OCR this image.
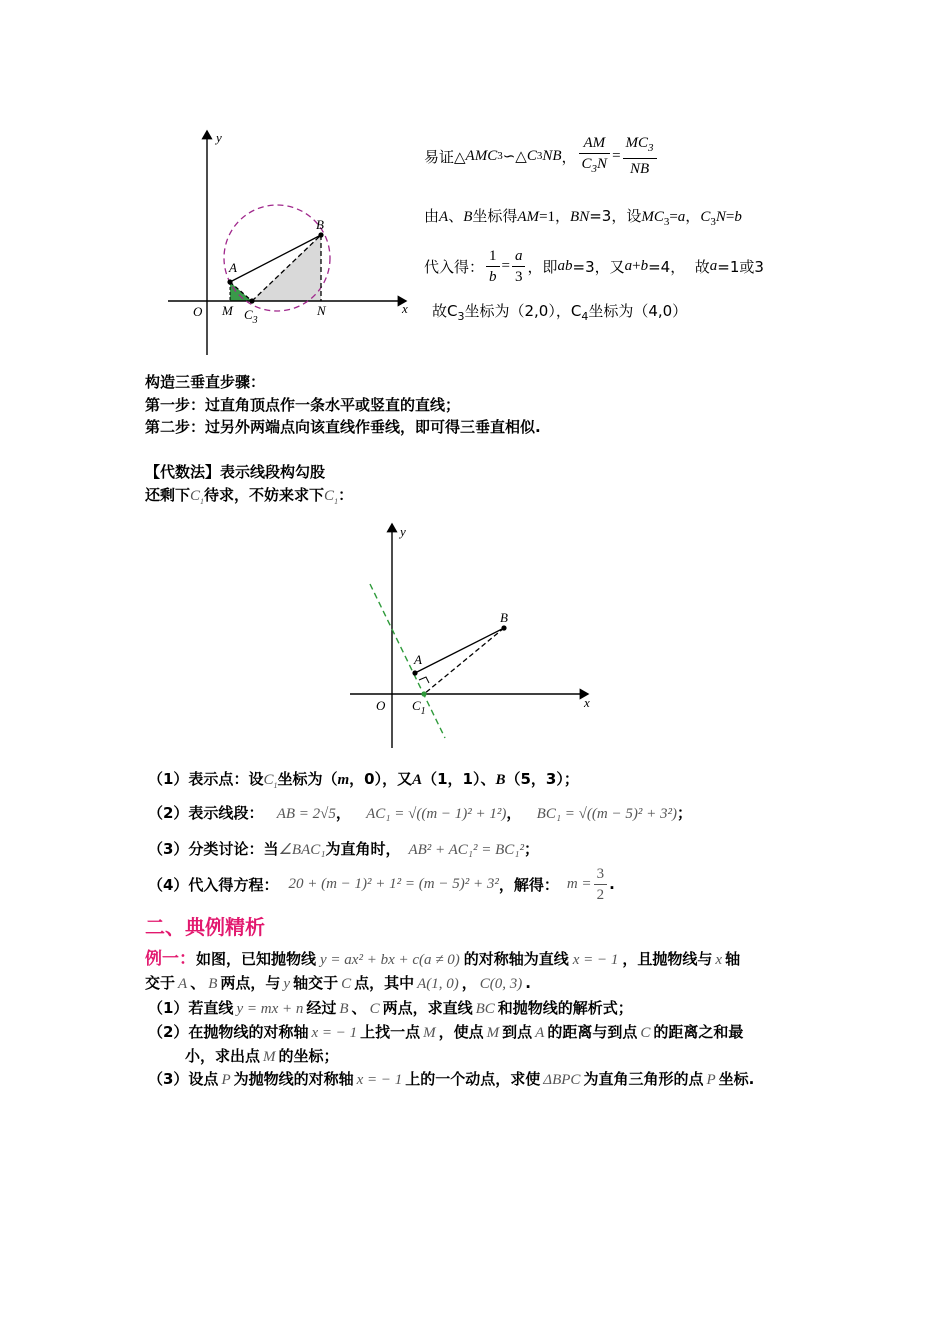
y
x
O M
A
B
$C_3$
N
易证△ AMC 3 ∽△ C 3 NB ， $\frac{AM}{C_3N} = \frac{MC_3}{NB}$
由A、B坐标得AM=1，BN=3，设$MC_3=a$，$C_3N=b$
代入得： $\frac{1}{b} = \frac{a}{3}$ ，即 ab =3，又 a + b =4，  故 a =1或3
故$C_3$坐标为（2,0），$C_4$坐标为（4,0）
构造三垂直步骤：
第一步：过直角顶点作一条水平或竖直的直线；
第二步：过另外两端点向该直线作垂线，即可得三垂直相似.
【代数法】表示线段构勾股
还剩下$C_1$待求，不妨来求下$C_1$：
y
x
O
A
B
$C_1$
（1）表示点：设$C_1$坐标为（m，0），又A（1，1）、B（5，3）；
（2）表示线段： AB = 2√5， AC₁ = √((m − 1)² + 1²)， BC₁ = √((m − 5)² + 3²)；
（3）分类讨论：当∠BAC₁为直角时， AB² + AC₁² = BC₁²；
（4）代入得方程： 20 + (m − 1)² + 1² = (m − 5)² + 3² ，解得： $m = \frac{3}{2}$ .
二、典例精析
例一：如图，已知抛物线 y = ax² + bx + c(a ≠ 0) 的对称轴为直线 x = − 1 ，且抛物线与 x 轴
交于 A 、 B 两点，与 y 轴交于 C 点，其中 A(1, 0) ， C(0, 3) .
（1）若直线 y = mx + n 经过 B 、 C 两点，求直线 BC 和抛物线的解析式；
（2）在抛物线的对称轴 x = − 1 上找一点 M ，使点 M 到点 A 的距离与到点 C 的距离之和最
小，求出点 M 的坐标；
（3）设点 P 为抛物线的对称轴 x = − 1 上的一个动点，求使 ΔBPC 为直角三角形的点 P 坐标.
